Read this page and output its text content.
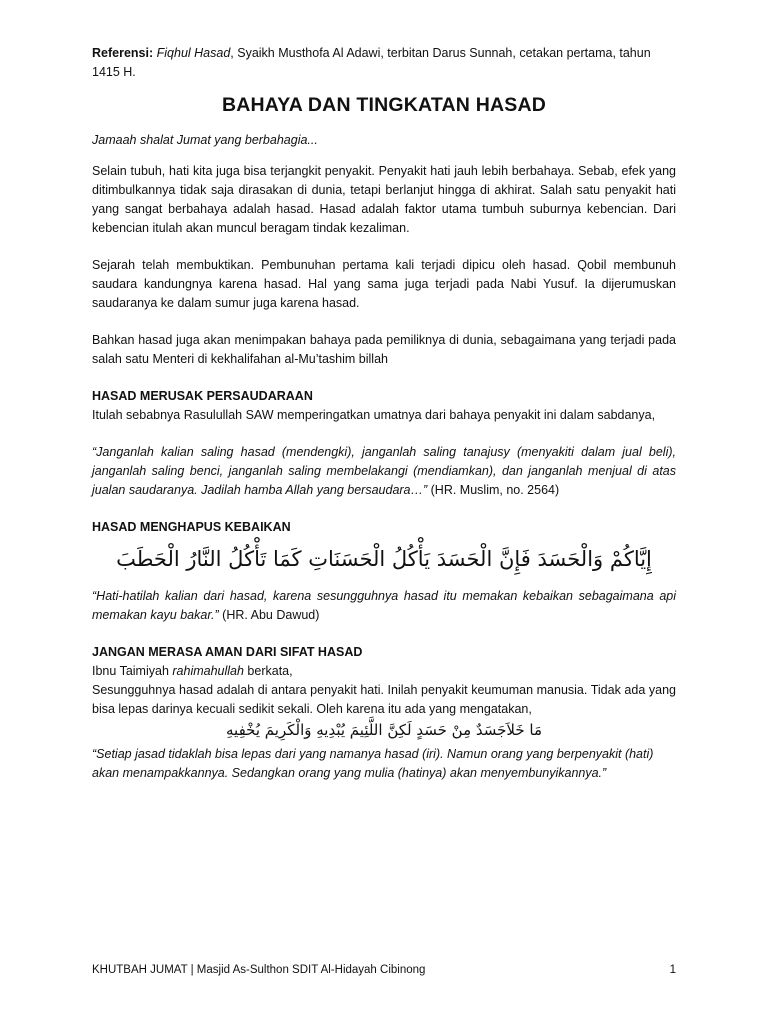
Referensi: Fiqhul Hasad, Syaikh Musthofa Al Adawi, terbitan Darus Sunnah, cetakan pertama, tahun 1415 H.

BAHAYA DAN TINGKATAN HASAD

Jamaah shalat Jumat yang berbahagia...

Selain tubuh, hati kita juga bisa terjangkit penyakit. Penyakit hati jauh lebih berbahaya. Sebab, efek yang ditimbulkannya tidak saja dirasakan di dunia, tetapi berlanjut hingga di akhirat. Salah satu penyakit hati yang sangat berbahaya adalah hasad. Hasad adalah faktor utama tumbuh suburnya kebencian. Dari kebencian itulah akan muncul beragam tindak kezaliman.

Sejarah telah membuktikan. Pembunuhan pertama kali terjadi dipicu oleh hasad. Qobil membunuh saudara kandungnya karena hasad. Hal yang sama juga terjadi pada Nabi Yusuf. Ia dijerumuskan saudaranya ke dalam sumur juga karena hasad.

Bahkan hasad juga akan menimpakan bahaya pada pemiliknya di dunia, sebagaimana yang terjadi pada salah satu Menteri di kekhalifahan al-Mu’tashim billah

HASAD MERUSAK PERSAUDARAAN

Itulah sebabnya Rasulullah SAW memperingatkan umatnya dari bahaya penyakit ini dalam sabdanya,

“Janganlah kalian saling hasad (mendengki), janganlah saling tanajusy (menyakiti dalam jual beli), janganlah saling benci, janganlah saling membelakangi (mendiamkan), dan janganlah menjual di atas jualan saudaranya. Jadilah hamba Allah yang bersaudara…” (HR. Muslim, no. 2564)

HASAD MENGHAPUS KEBAIKAN

إِيَّاكُمْ وَالْحَسَدَ فَإِنَّ الْحَسَدَ يَأْكُلُ الْحَسَنَاتِ كَمَا تَأْكُلُ النَّارُ الْحَطَبَ

“Hati-hatilah kalian dari hasad, karena sesungguhnya hasad itu memakan kebaikan sebagaimana api memakan kayu bakar.” (HR. Abu Dawud)

JANGAN MERASA AMAN DARI SIFAT HASAD

Ibnu Taimiyah rahimahullah berkata,

Sesungguhnya hasad adalah di antara penyakit hati. Inilah penyakit keumuman manusia. Tidak ada yang bisa lepas darinya kecuali sedikit sekali. Oleh karena itu ada yang mengatakan,

مَا خَلاَجَسَدٌ مِنْ حَسَدٍ لَكِنَّ اللَّئِيمَ يُبْدِيهِ وَالْكَرِيمَ يُخْفِيهِ

“Setiap jasad tidaklah bisa lepas dari yang namanya hasad (iri). Namun orang yang berpenyakit (hati) akan menampakkannya. Sedangkan orang yang mulia (hatinya) akan menyembunyikannya.”

KHUTBAH JUMAT | Masjid As-Sulthon SDIT Al-Hidayah Cibinong	1
